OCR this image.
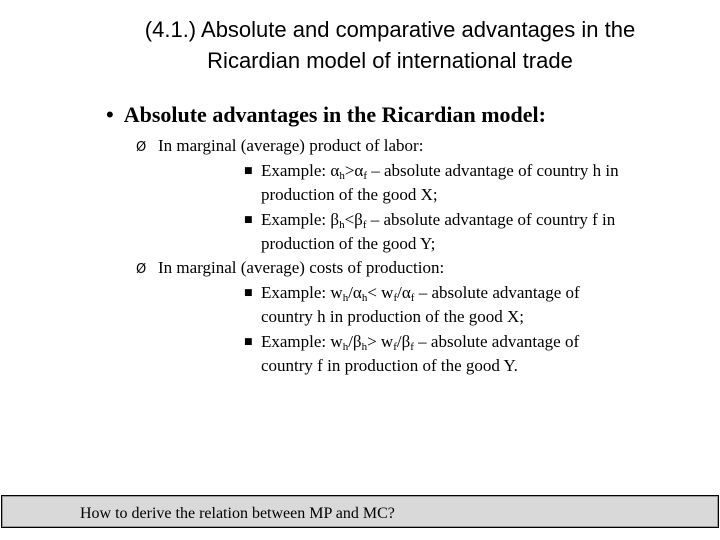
(4.1.) Absolute and comparative advantages in the
Ricardian model of international trade
• Absolute advantages in the Ricardian model:
Ø In marginal (average) product of labor:
■ Example: $\alpha_h>\alpha_f$ – absolute advantage of country h in
production of the good X;
■ Example: $\beta_h<\beta_f$ – absolute advantage of country f in
production of the good Y;
Ø In marginal (average) costs of production:
■ Example: $w_h/\alpha_h< w_f/\alpha_f$ – absolute advantage of
country h in production of the good X;
■ Example: $w_h/\beta_h> w_f/\beta_f$ – absolute advantage of
country f in production of the good Y.
How to derive the relation between MP and MC?
